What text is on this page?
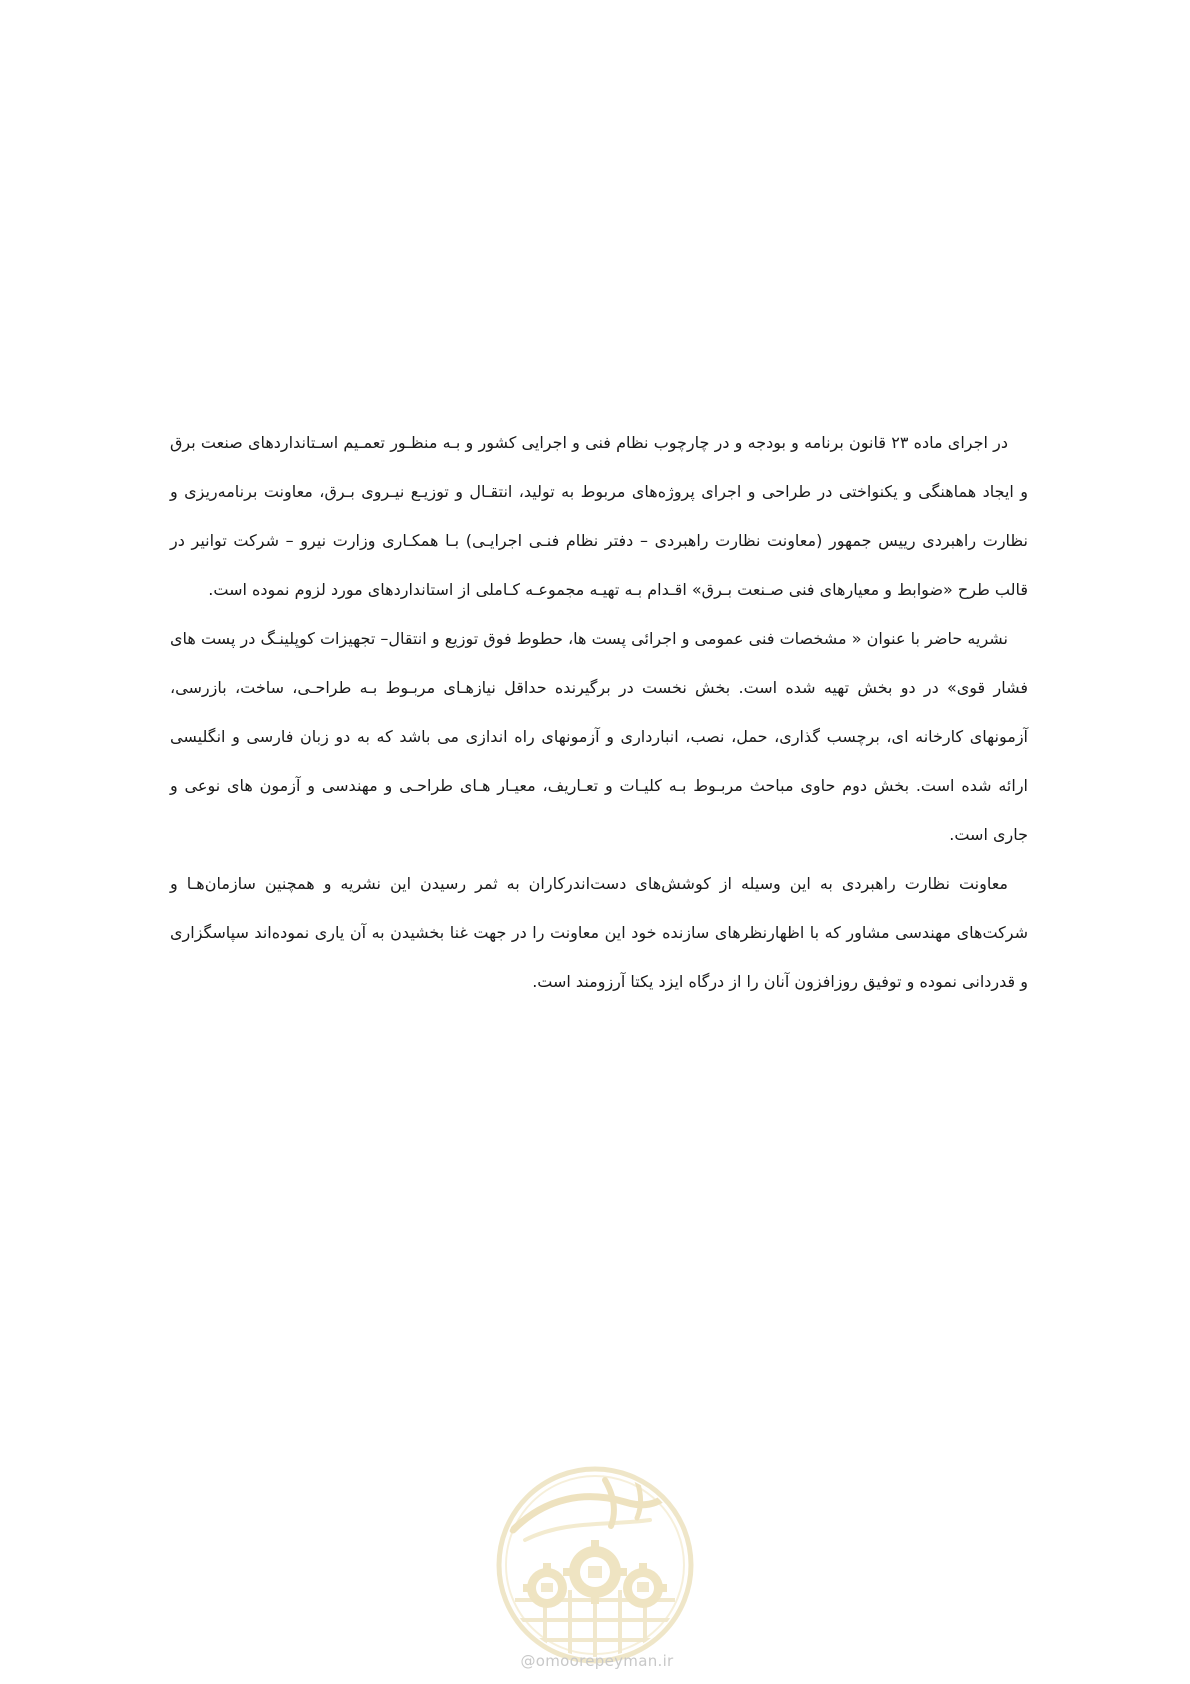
در اجرای ماده ۲۳ قانون برنامه و بودجه و در چارچوب نظام فنی و اجرایی کشور و بـه منظـور تعمـیم اسـتانداردهای صنعت برق و ایجاد هماهنگی و یکنواختی در طراحی و اجرای پروژه‌های مربوط به تولید، انتقـال و توزیـع نیـروی بـرق، معاونت برنامه‌ریزی و نظارت راهبردی رییس جمهور (معاونت نظارت راهبردی – دفتر نظام فنـی اجرایـی) بـا همکـاری وزارت نیرو – شرکت توانیر در قالب طرح «ضوابط و معیارهای فنی صـنعت بـرق» اقـدام بـه تهیـه مجموعـه کـاملی از استانداردهای مورد لزوم نموده است.

نشریه حاضر با عنوان « مشخصات فنی عمومی و اجرائی پست ها، حطوط فوق توزیع و انتقال– تجهیزات کوپلینـگ در پست های فشار قوی» در دو بخش تهیه شده است. بخش نخست در برگیرنده حداقل نیازهـای مربـوط بـه طراحـی، ساخت، بازرسی، آزمونهای کارخانه ای، برچسب گذاری، حمل، نصب، انبارداری و آزمونهای راه اندازی می باشد که به دو زبان فارسی و انگلیسی ارائه شده است. بخش دوم حاوی مباحث مربـوط بـه کلیـات و تعـاریف، معیـار هـای طراحـی و مهندسی و آزمون های نوعی و جاری است.

معاونت نظارت راهبردی به این وسیله از کوشش‌های دست‌اندرکاران به ثمر رسیدن این نشریه و همچنین سازمان‌هـا و شرکت‌های مهندسی مشاور که با اظهارنظرهای سازنده خود این معاونت را در جهت غنا بخشیدن به آن یاری نموده‌اند سپاسگزاری و قدردانی نموده و توفیق روزافزون آنان را از درگاه ایزد یکتا آرزومند است.

@omoorepeyman.ir
